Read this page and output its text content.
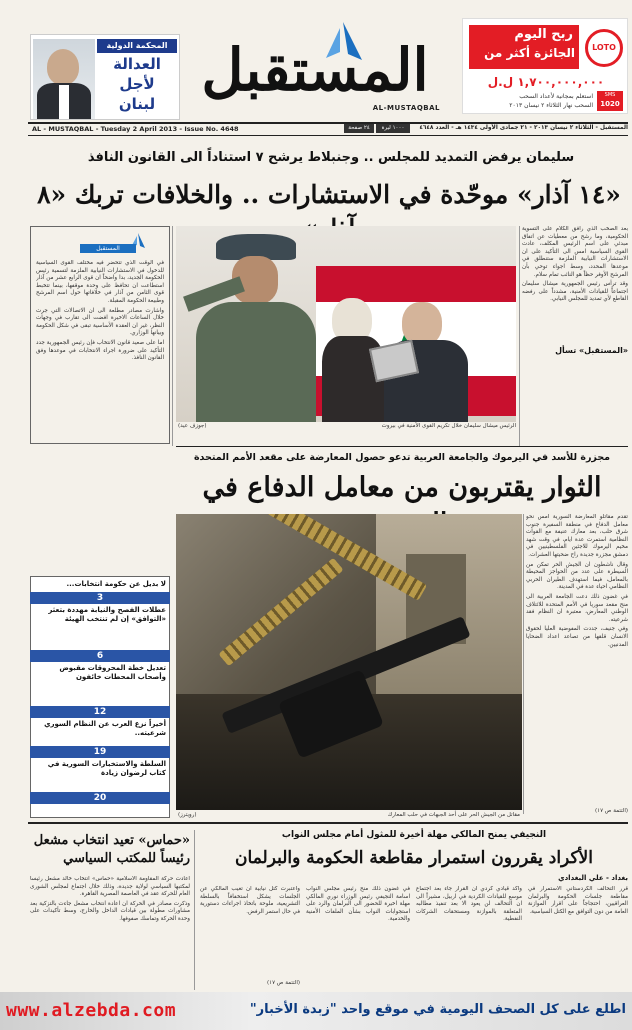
ربح اليوم
الجائزة أكثر من	LOTO
١,٧٠٠,٠٠٠,٠٠٠ ل.ل
استعلم بمجانية لأعداد السحب
السحب نهار الثلاثاء ٢ نيسان ٢٠١٣
SMS
1020
المستقبل
AL-MUSTAQBAL
المحكمة الدولية
العدالة
لأجل
لبنان
AL - MUSTAQBAL - Tuesday 2 April 2013 - Issue No. 4648	٢٤ صفحة	١٠٠٠ ليرة	المستقبل - الثلاثاء ٢ نيسان ٢٠١٣ - ٢١ جمادى الأولى ١٤٣٤ هـ - العدد ٤٦٤٨
سليمان يرفض التمديد للمجلس .. وجنبلاط يرشح ٧ استناداً الى القانون النافذ
«١٤ آذار» موحّدة في الاستشارات .. والخلافات تربك «٨
الرئيس ميشال سليمان خلال تكريم القوى الأمنية في بيروت
(جوزف عيد)

بعد الصخب الذي رافق الكلام على التسوية الحكومية، وما رشح من معطيات عن اتفاق مبدئي على اسم الرئيس المكلف، عادت القوى السياسية امس الى التأكيد على ان الاستشارات النيابية الملزمة ستنطلق في موعدها المحدد، وسط اجواء توحي بأن المرشح الأوفر حظاً هو النائب تمام سلام.

وقد ترأس رئيس الجمهورية ميشال سليمان اجتماعاً للقيادات الأمنية، مشدداً على رفضه القاطع لأي تمديد للمجلس النيابي.

«المستقبل» تسأل
المستقبل

في الوقت الذي تتحضر فيه مختلف القوى السياسية للدخول في الاستشارات النيابية الملزمة لتسمية رئيس الحكومة الجديد، بدا واضحاً ان قوى الرابع عشر من آذار استطاعت ان تحافظ على وحدة موقفها، بينما تتخبط قوى الثامن من آذار في خلافاتها حول اسم المرشح وطبيعة الحكومة المقبلة.

واشارت مصادر مطلعة الى ان الاتصالات التي جرت خلال الساعات الاخيرة افضت الى تقارب في وجهات النظر، غير ان العقدة الأساسية تبقى في شكل الحكومة وبيانها الوزاري.

اما على صعيد قانون الانتخاب فإن رئيس الجمهورية جدد التأكيد على ضرورة اجراء الانتخابات في موعدها وفق القانون النافذ.

مجزرة للأسد في اليرموك والجامعة العربية تدعو حصول المعارضة على مقعد الأمم المتحدة
الثوار يقتربون من معامل الدفاع في
مقاتل من الجيش الحر على أحد الجبهات في حلب المعارك
(رويترز)

تقدم مقاتلو المعارضة السورية امس نحو معامل الدفاع في منطقة السفيرة جنوب شرق حلب، بعد معارك عنيفة مع القوات النظامية استمرت عدة ايام، في وقت شهد مخيم اليرموك للاجئين الفلسطينيين في دمشق مجزرة جديدة راح ضحيتها العشرات.

وقال ناشطون ان الجيش الحر تمكن من السيطرة على عدد من الحواجز المحيطة بالمعامل، فيما استهدف الطيران الحربي النظامي احياء عدة في المدينة.

في غضون ذلك دعت الجامعة العربية الى منح مقعد سوريا في الأمم المتحدة للائتلاف الوطني المعارض، معتبرة ان النظام فقد شرعيته.

وفي جنيف، جددت المفوضية العليا لحقوق الانسان قلقها من تصاعد اعداد الضحايا المدنيين.

(التتمة ص ١٧)
لا بديل عن حكومة انتخابات...
3
عطلات الفصح والنيابة مهددة بتعثر «التوافق» إن لم تنتخب الهيئة
6
تعديل خطة المحروقات مقبوض وأصحاب المحطات خائفون
12
أخيراً نزع العرب عن النظام السوري شرعيته..
19
السلطة والاستخبارات السورية في كتاب لرضوان زيادة
20
«حماس» تعيد انتخاب مشعل رئيساً للمكتب السياسي

اعادت حركة المقاومة الاسلامية «حماس» انتخاب خالد مشعل رئيساً لمكتبها السياسي لولاية جديدة، وذلك خلال اجتماع لمجلس الشورى العام للحركة عقد في العاصمة المصرية القاهرة.

وذكرت مصادر في الحركة ان اعادة انتخاب مشعل جاءت بالتزكية بعد مشاورات مطولة بين قيادات الداخل والخارج، وسط تأكيدات على وحدة الحركة وتماسك صفوفها.

النجيفي يمنح المالكي مهلة أخيرة للمثول أمام مجلس النواب
الأكراد يقررون استمرار مقاطعة الحكومة والبرلمان
بغداد - علي البغدادي

قرر التحالف الكردستاني الاستمرار في مقاطعة جلسات الحكومة والبرلمان العراقيين، احتجاجاً على اقرار الموازنة العامة من دون التوافق مع الكتل السياسية.

وأكد قيادي كردي ان القرار جاء بعد اجتماع موسع للقيادات الكردية في اربيل، مشيراً الى ان التحالف لن يعود الا بعد تنفيذ مطالبه المتعلقة بالموازنة ومستحقات الشركات النفطية.

في غضون ذلك منح رئيس مجلس النواب اسامة النجيفي رئيس الوزراء نوري المالكي مهلة اخيرة للحضور الى البرلمان والرد على استجوابات النواب بشأن الملفات الأمنية والخدمية.

واعتبرت كتل نيابية ان تغيب المالكي عن الجلسات يشكل استخفافاً بالسلطة التشريعية، ملوحة باتخاذ اجراءات دستورية في حال استمر الرفض.

(التتمة ص ١٧)
www.alzebda.com	اطلع على كل الصحف اليومية في موقع واحد "زبدة الأخبار"
